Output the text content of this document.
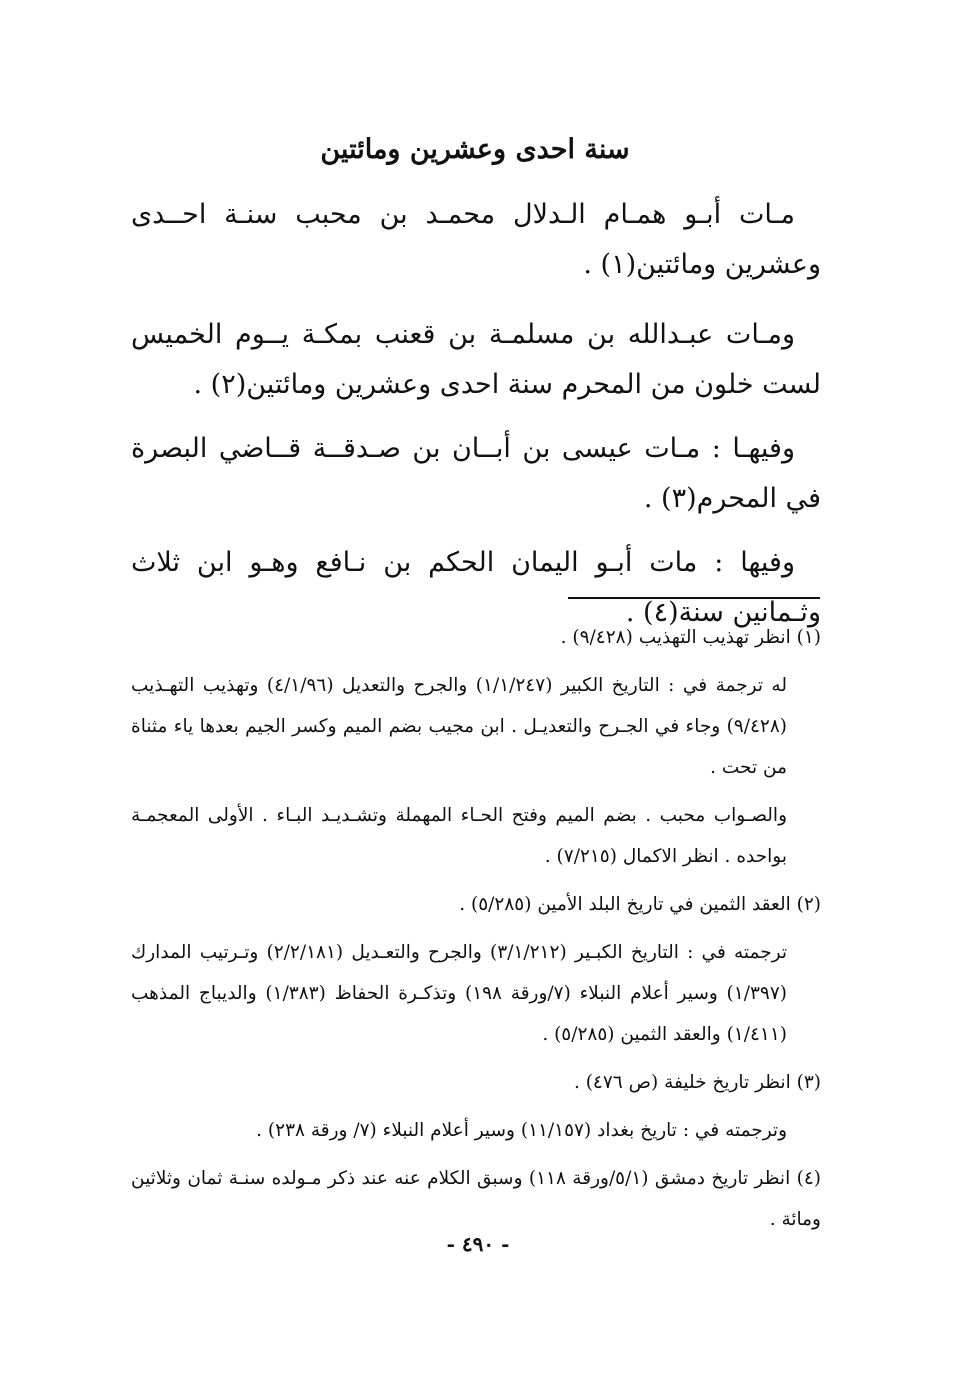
سنة احدى وعشرين ومائتين

مـات أبـو همـام الـدلال محمـد بن محبب سنـة احــدى وعشرين ومائتين(١) .

ومـات عبـدالله بن مسلمـة بن قعنب بمكـة يــوم الخميس لست خلون من المحرم سنة احدى وعشرين ومائتين(٢) .

وفيهـا : مـات عيسى بن أبــان بن صـدقــة قــاضي البصرة في المحرم(٣) .

وفيها : مات أبـو اليمان الحكم بن نـافع وهـو ابن ثلاث وثـمانين سنة(٤) .

(١) انظر تهذيب التهذيب (٩/٤٢٨) .

له ترجمة في : التاريخ الكبير (١/١/٢٤٧) والجرح والتعديل (٤/١/٩٦) وتهذيب التهـذيب (٩/٤٢٨) وجاء في الجـرح والتعديـل . ابن مجيب بضم الميم وكسر الجيم بعدها ياء مثناة من تحت .

والصـواب محبب . بضم الميم وفتح الحـاء المهملة وتشـديـد البـاء . الأولى المعجمـة بواحده . انظر الاكمال (٧/٢١٥) .

(٢) العقد الثمين في تاريخ البلد الأمين (٥/٢٨٥) .

ترجمته في : التاريخ الكبـير (٣/١/٢١٢) والجرح والتعـديل (٢/٢/١٨١) وتـرتيب المدارك (١/٣٩٧) وسير أعلام النبلاء (٧/ورقة ١٩٨) وتذكـرة الحفاظ (١/٣٨٣) والديباج المذهب (١/٤١١) والعقد الثمين (٥/٢٨٥) .

(٣) انظر تاريخ خليفة (ص ٤٧٦) .

وترجمته في : تاريخ بغداد (١١/١٥٧) وسير أعلام النبلاء (٧/ ورقة ٢٣٨) .

(٤) انظر تاريخ دمشق (٥/١/ورقة ١١٨) وسبق الكلام عنه عند ذكر مـولده سنـة ثمان وثلاثين ومائة .

- ٤٩٠ -
